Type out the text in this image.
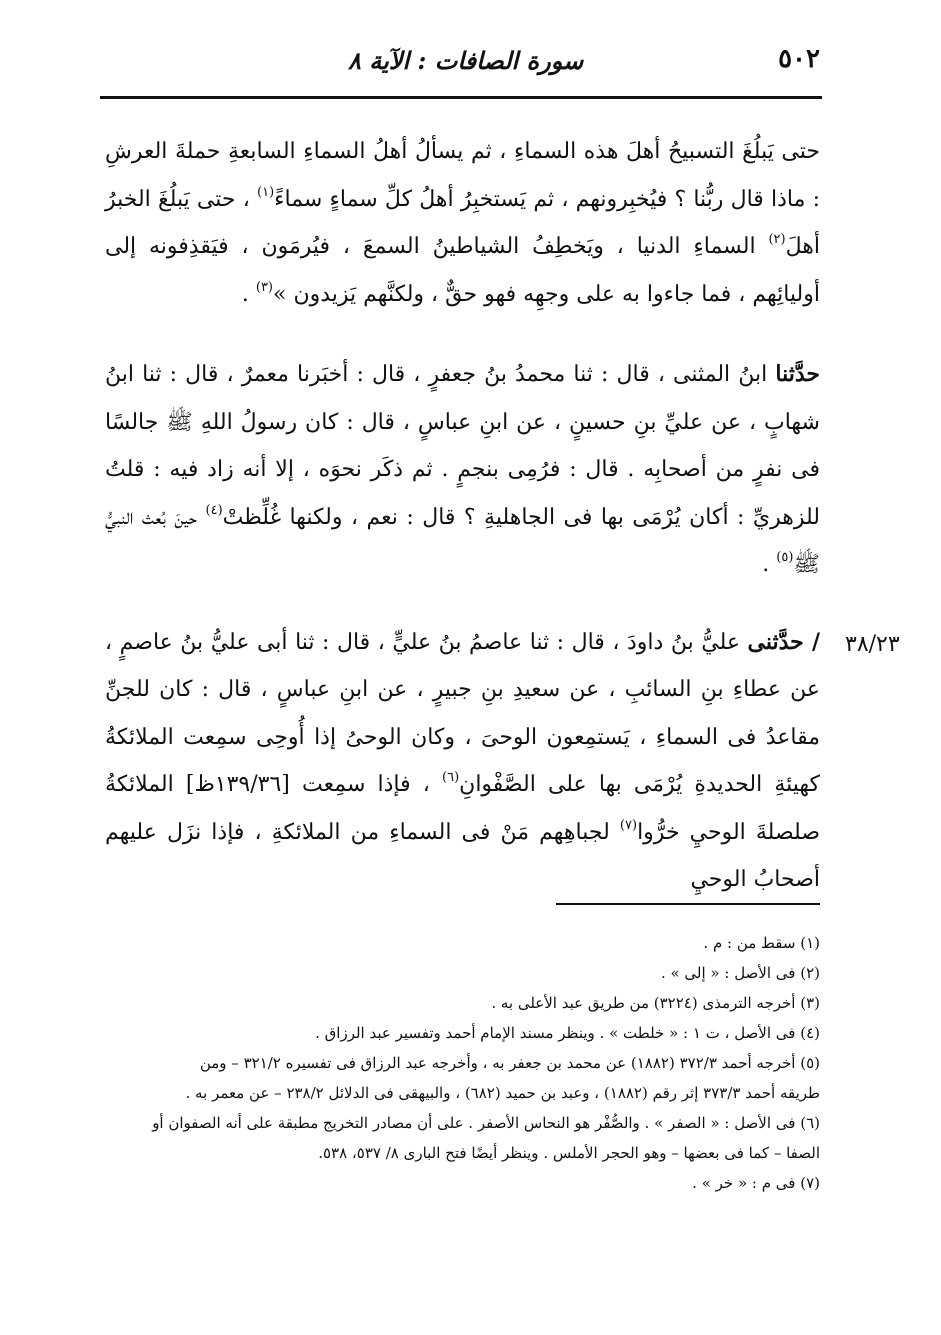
٥٠٢
سورة الصافات : الآية ٨
٣٨/٢٣

حتى يَبلُغَ التسبيحُ أهلَ هذه السماءِ ، ثم يسألُ أهلُ السماءِ السابعةِ حملةَ العرشِ : ماذا قال ربُّنا ؟ فيُخبِرونهم ، ثم يَستخبِرُ أهلُ كلِّ سماءٍ سماءً$^{(١)}$ ، حتى يَبلُغَ الخبرُ أهلَ$^{(٢)}$ السماءِ الدنيا ، ويَخطِفُ الشياطينُ السمعَ ، فيُرمَون ، فيَقذِفونه إلى أوليائِهم ، فما جاءوا به على وجهِه فهو حقٌّ ، ولكنَّهم يَزيدون »$^{(٣)}$ .

حدَّثنا ابنُ المثنى ، قال : ثنا محمدُ بنُ جعفرٍ ، قال : أخبَرنا معمرٌ ، قال : ثنا ابنُ شهابٍ ، عن عليِّ بنِ حسينٍ ، عن ابنِ عباسٍ ، قال : كان رسولُ اللهِ ﷺ جالسًا فى نفرٍ من أصحابِه . قال : فرُمِى بنجمٍ . ثم ذكَر نحوَه ، إلا أنه زاد فيه : قلتُ للزهريِّ : أكان يُرْمَى بها فى الجاهليةِ ؟ قال : نعم ، ولكنها غُلِّظتْ$^{(٤)}$ حينَ بُعث النبيُّ ﷺ$^{(٥)}$ .

/ حدَّثنى عليُّ بنُ داودَ ، قال : ثنا عاصمُ بنُ عليٍّ ، قال : ثنا أبى عليُّ بنُ عاصمٍ ، عن عطاءِ بنِ السائبِ ، عن سعيدِ بنِ جبيرٍ ، عن ابنِ عباسٍ ، قال : كان للجنِّ مقاعدُ فى السماءِ ، يَستمِعون الوحىَ ، وكان الوحىُ إذا أُوحِى سمِعت الملائكةُ كهيئةِ الحديدةِ يُرْمَى بها على الصَّفْوانِ$^{(٦)}$ ، فإذا سمِعت [١٣٩/٣٦ظ] الملائكةُ صلصلةَ الوحيِ خرُّوا$^{(٧)}$ لجباهِهم مَنْ فى السماءِ من الملائكةِ ، فإذا نزَل عليهم أصحابُ الوحيِ

(١) سقط من : م .
(٢) فى الأصل : « إلى » .
(٣) أخرجه الترمذى (٣٢٢٤) من طريق عبد الأعلى به .
(٤) فى الأصل ، ت ١ : « خلطت » . وينظر مسند الإمام أحمد وتفسير عبد الرزاق .
(٥) أخرجه أحمد ٣٧٢/٣ (١٨٨٢) عن محمد بن جعفر به ، وأخرجه عبد الرزاق فى تفسيره ٣٢١/٢ – ومن
طريقه أحمد ٣٧٣/٣ إثر رقم (١٨٨٢) ، وعبد بن حميد (٦٨٢) ، والبيهقى فى الدلائل ٢٣٨/٢ – عن معمر به .
(٦) فى الأصل : « الصفر » . والصُّفْر هو النحاس الأصفر . على أن مصادر التخريج مطبقة على أنه الصفوان أو
الصفا – كما فى بعضها – وهو الحجر الأملس . وينظر أيضًا فتح البارى ٨/ ٥٣٧، ٥٣٨.
(٧) فى م : « خر » .
